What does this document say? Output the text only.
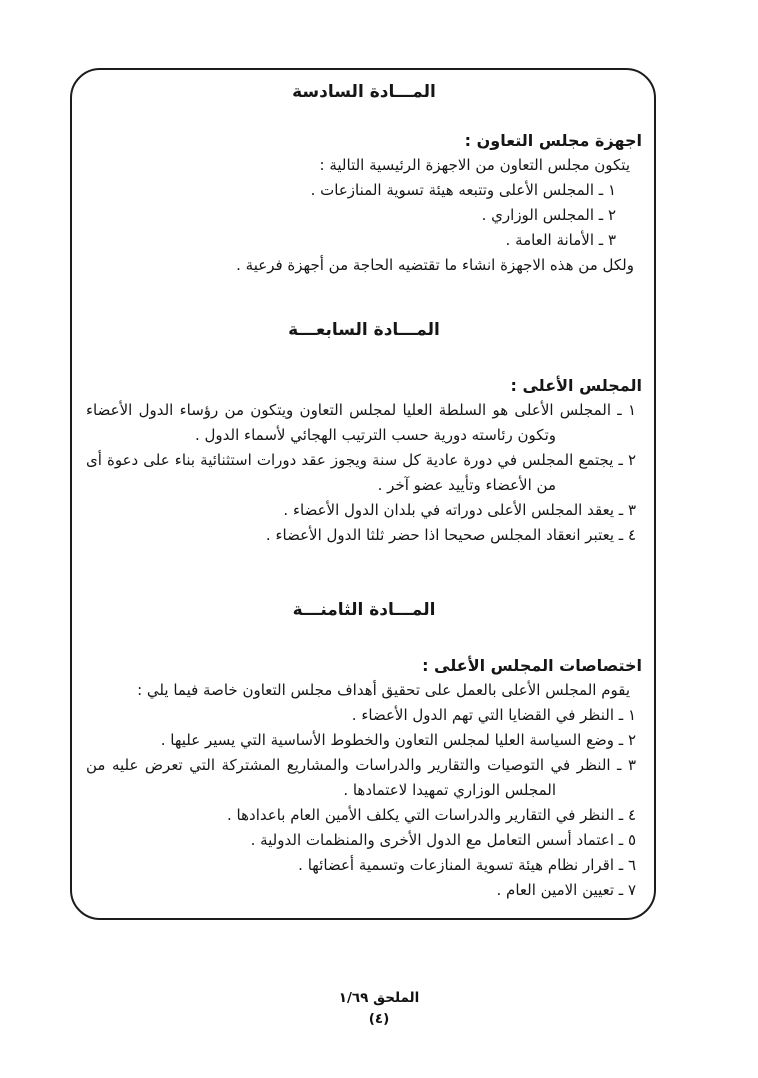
المـــادة السادسة
اجهزة مجلس التعاون :
يتكون مجلس التعاون من الاجهزة الرئيسية التالية :
١ ـ المجلس الأعلى وتتبعه هيئة تسوية المنازعات .
٢ ـ المجلس الوزاري .
٣ ـ الأمانة العامة .
ولكل من هذه الاجهزة انشاء ما تقتضيه الحاجة من أجهزة فرعية .
المـــادة السابعـــة
المجلس الأعلى :
١ ـ المجلس الأعلى هو السلطة العليا لمجلس التعاون ويتكون من رؤساء الدول الأعضاء وتكون رئاسته دورية حسب الترتيب الهجائي لأسماء الدول .
٢ ـ يجتمع المجلس في دورة عادية كل سنة ويجوز عقد دورات استثنائية بناء على دعوة أى من الأعضاء وتأييد عضو آخر .
٣ ـ يعقد المجلس الأعلى دوراته في بلدان الدول الأعضاء .
٤ ـ يعتبر انعقاد المجلس صحيحا اذا حضر ثلثا الدول الأعضاء .
المـــادة الثامنـــة
اختصاصات المجلس الأعلى :
يقوم المجلس الأعلى بالعمل على تحقيق أهداف مجلس التعاون خاصة فيما يلي :
١ ـ النظر في القضايا التي تهم الدول الأعضاء .
٢ ـ وضع السياسة العليا لمجلس التعاون والخطوط الأساسية التي يسير عليها .
٣ ـ النظر في التوصيات والتقارير والدراسات والمشاريع المشتركة التي تعرض عليه من المجلس الوزاري تمهيدا لاعتمادها .
٤ ـ النظر في التقارير والدراسات التي يكلف الأمين العام باعدادها .
٥ ـ اعتماد أسس التعامل مع الدول الأخرى والمنظمات الدولية .
٦ ـ اقرار نظام هيئة تسوية المنازعات وتسمية أعضائها .
٧ ـ تعيين الامين العام .
الملحق ١/٦٩
(٤)
